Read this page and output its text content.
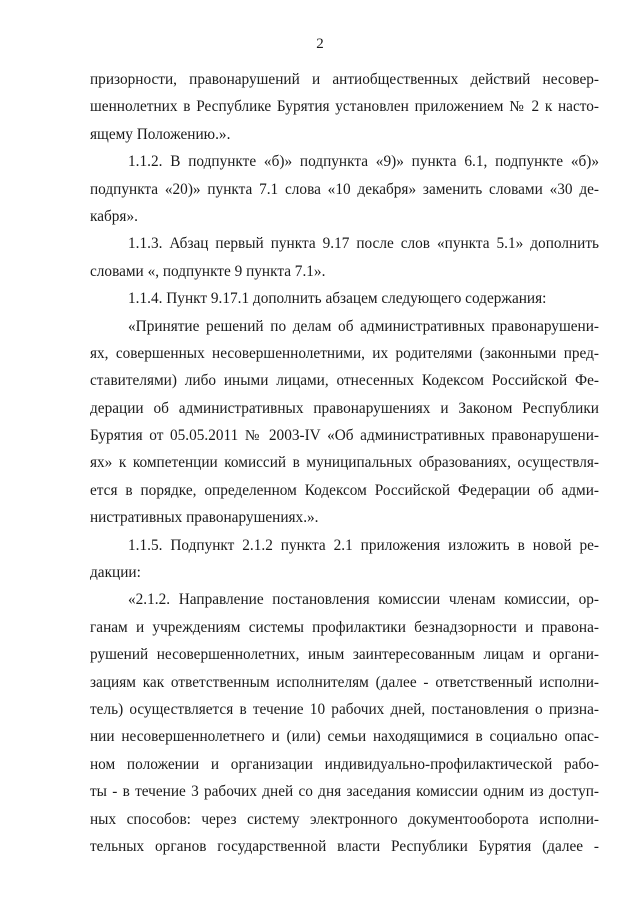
2
призорности, правонарушений и антиобщественных действий несовер-
шеннолетних в Республике Бурятия установлен приложением № 2 к насто-
ящему Положению.».
1.1.2. В подпункте «б)» подпункта «9)» пункта 6.1, подпункте «б)»
подпункта «20)» пункта 7.1 слова «10 декабря» заменить словами «30 де-
кабря».
1.1.3. Абзац первый пункта 9.17 после слов «пункта 5.1» дополнить
словами «, подпункте 9 пункта 7.1».
1.1.4. Пункт 9.17.1 дополнить абзацем следующего содержания:
«Принятие решений по делам об административных правонарушени-
ях, совершенных несовершеннолетними, их родителями (законными пред-
ставителями) либо иными лицами, отнесенных Кодексом Российской Фе-
дерации об административных правонарушениях и Законом Республики
Бурятия от 05.05.2011 № 2003-IV «Об административных правонарушени-
ях» к компетенции комиссий в муниципальных образованиях, осуществля-
ется в порядке, определенном Кодексом Российской Федерации об адми-
нистративных правонарушениях.».
1.1.5. Подпункт 2.1.2 пункта 2.1 приложения изложить в новой ре-
дакции:
«2.1.2. Направление постановления комиссии членам комиссии, ор-
ганам и учреждениям системы профилактики безнадзорности и правона-
рушений несовершеннолетних, иным заинтересованным лицам и органи-
зациям как ответственным исполнителям (далее - ответственный исполни-
тель) осуществляется в течение 10 рабочих дней, постановления о призна-
нии несовершеннолетнего и (или) семьи находящимися в социально опас-
ном положении и организации индивидуально-профилактической рабо-
ты - в течение 3 рабочих дней со дня заседания комиссии одним из доступ-
ных способов: через систему электронного документооборота исполни-
тельных органов государственной власти Республики Бурятия (далее -
